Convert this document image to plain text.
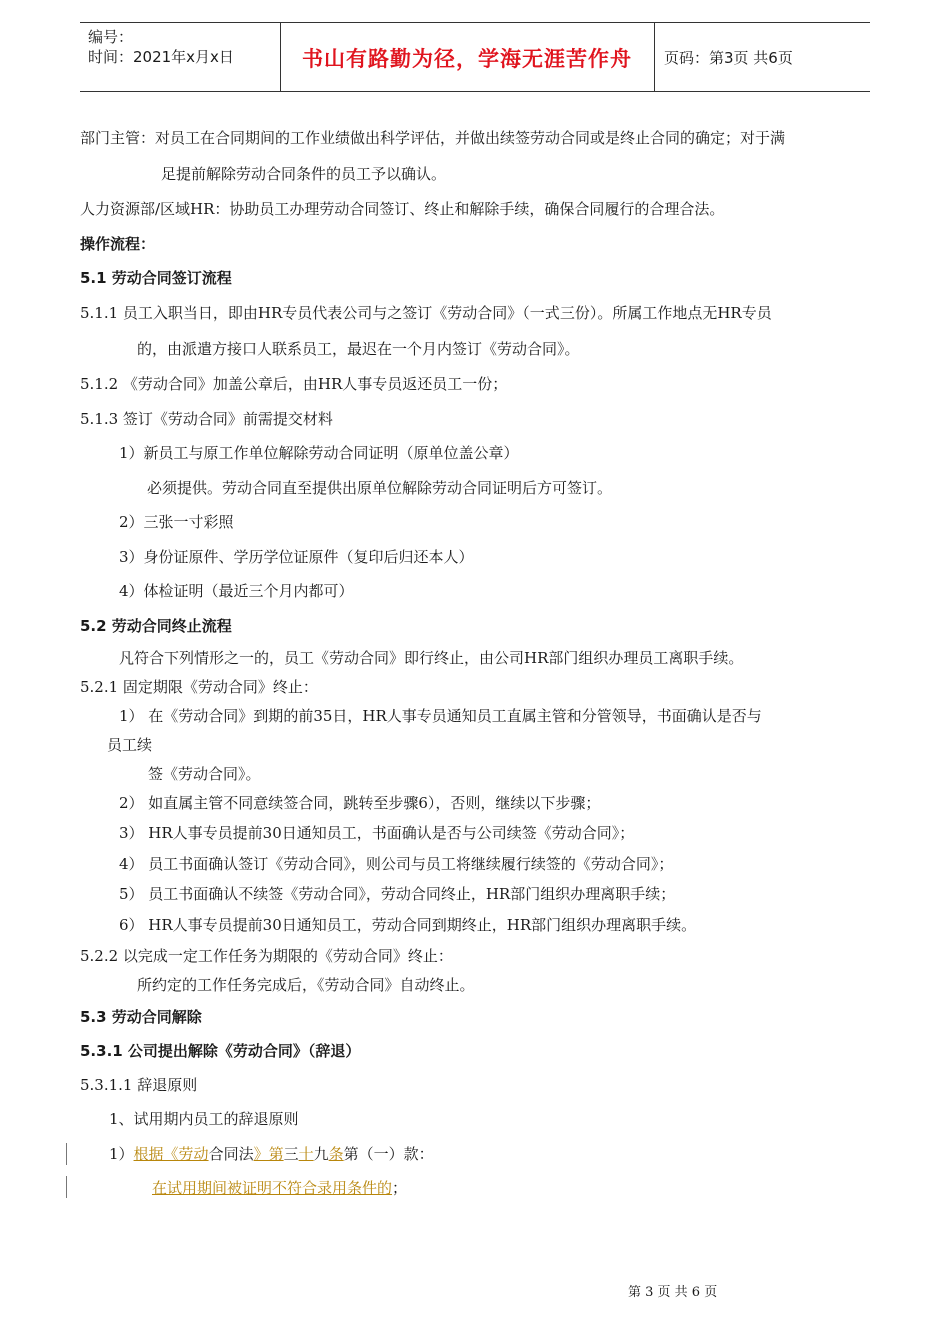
编号：
时间：2021年x月x日	书山有路勤为径，学海无涯苦作舟	页码：第3页 共6页
部门主管：对员工在合同期间的工作业绩做出科学评估，并做出续签劳动合同或是终止合同的确定；对于满
足提前解除劳动合同条件的员工予以确认。
人力资源部/区域HR：协助员工办理劳动合同签订、终止和解除手续，确保合同履行的合理合法。
操作流程：
5.1 劳动合同签订流程
5.1.1 员工入职当日，即由HR专员代表公司与之签订《劳动合同》（一式三份）。所属工作地点无HR专员
的，由派遣方接口人联系员工，最迟在一个月内签订《劳动合同》。
5.1.2 《劳动合同》加盖公章后，由HR人事专员返还员工一份；
5.1.3 签订《劳动合同》前需提交材料
1）新员工与原工作单位解除劳动合同证明（原单位盖公章）
必须提供。劳动合同直至提供出原单位解除劳动合同证明后方可签订。
2）三张一寸彩照
3）身份证原件、学历学位证原件（复印后归还本人）
4）体检证明（最近三个月内都可）
5.2 劳动合同终止流程
凡符合下列情形之一的，员工《劳动合同》即行终止，由公司HR部门组织办理员工离职手续。
5.2.1 固定期限《劳动合同》终止：
1） 在《劳动合同》到期的前35日，HR人事专员通知员工直属主管和分管领导，书面确认是否与
员工续
签《劳动合同》。
2） 如直属主管不同意续签合同，跳转至步骤6），否则，继续以下步骤；
3） HR人事专员提前30日通知员工，书面确认是否与公司续签《劳动合同》；
4） 员工书面确认签订《劳动合同》，则公司与员工将继续履行续签的《劳动合同》；
5） 员工书面确认不续签《劳动合同》，劳动合同终止，HR部门组织办理离职手续；
6） HR人事专员提前30日通知员工，劳动合同到期终止，HR部门组织办理离职手续。
5.2.2 以完成一定工作任务为期限的《劳动合同》终止：
所约定的工作任务完成后，《劳动合同》自动终止。
5.3 劳动合同解除
5.3.1 公司提出解除《劳动合同》（辞退）
5.3.1.1 辞退原则
1、试用期内员工的辞退原则
1）根据《劳动合同法》第三十九条第（一）款：
在试用期间被证明不符合录用条件的；
第 3 页 共 6 页
